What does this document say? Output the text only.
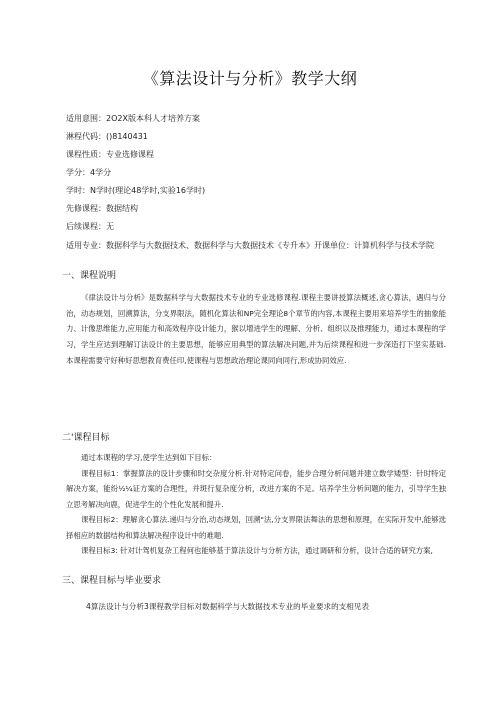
《算法设计与分析》教学大纲
适用意围：2O2X版本科人才培养方案
淋程代码：()8140431
课程性质：专业选修课程
学分：4学分
学时：N学时(理论48学时,实验16学时)
先修课程：数据结构
后续课程：无
适用专业：数据科学与大数据技术、数据科学与大数据技术《专升本》开课单位：计算机科学与技术学院
一、课程说明
《律法设计与分析》是数据科学与大数据技术专业的专业选修课程.课程主要讲授算法概述,贪心算法，遇归与分治，动态规划，回溯算法，分支界限法，随机化算法和NP完全理论8个章节的内容,本课程主要用来培养学生的抽象能力、计像思维能力,应用能力和高效程序设计能力，猴以增进学生的理解、分析、组织以及推理能力，通过本课程的学习，学生应达到理解订法设计的主要思想，能够应用典型的算法解决问题,并为后续课程和进一步深造打下坚实基础.本课程需要守好种好思想教育费任印,使课程与思想政治理论课同向同行,形成协同效应.
二'课程目标
通过本课程的学习,使学生达到如下目标：
课程目标1：掌握算法的设计步骤和时交杂度分析.针对特定问卷，能步合理分析问题并建立数学矮型：针时特定解决方案，能纷½¼证方案的合理性，并斑行复杂度分析，改进方案的不足。培养学生分析问题的能力，引导学生独立思考解决向鹿，促进学生的个性化发展和提升.
课程目标2：理解贪心算法.递归与分治,动态规划，回溯"法,分支界限法舞法的思想和原理，在实际开发中,能够选择相应的数据结构和算法解决程序设计中的难题.
课程目标3: 针对计驾机复杂工程何也能够基于算法设计与分析方法，通过调研和分析，设计合适的研究方案,
三、课程目标与毕业要求
4算法设计与分析3课程教学目标对数据科学与大数据技术专业的毕业要求的支相见表
